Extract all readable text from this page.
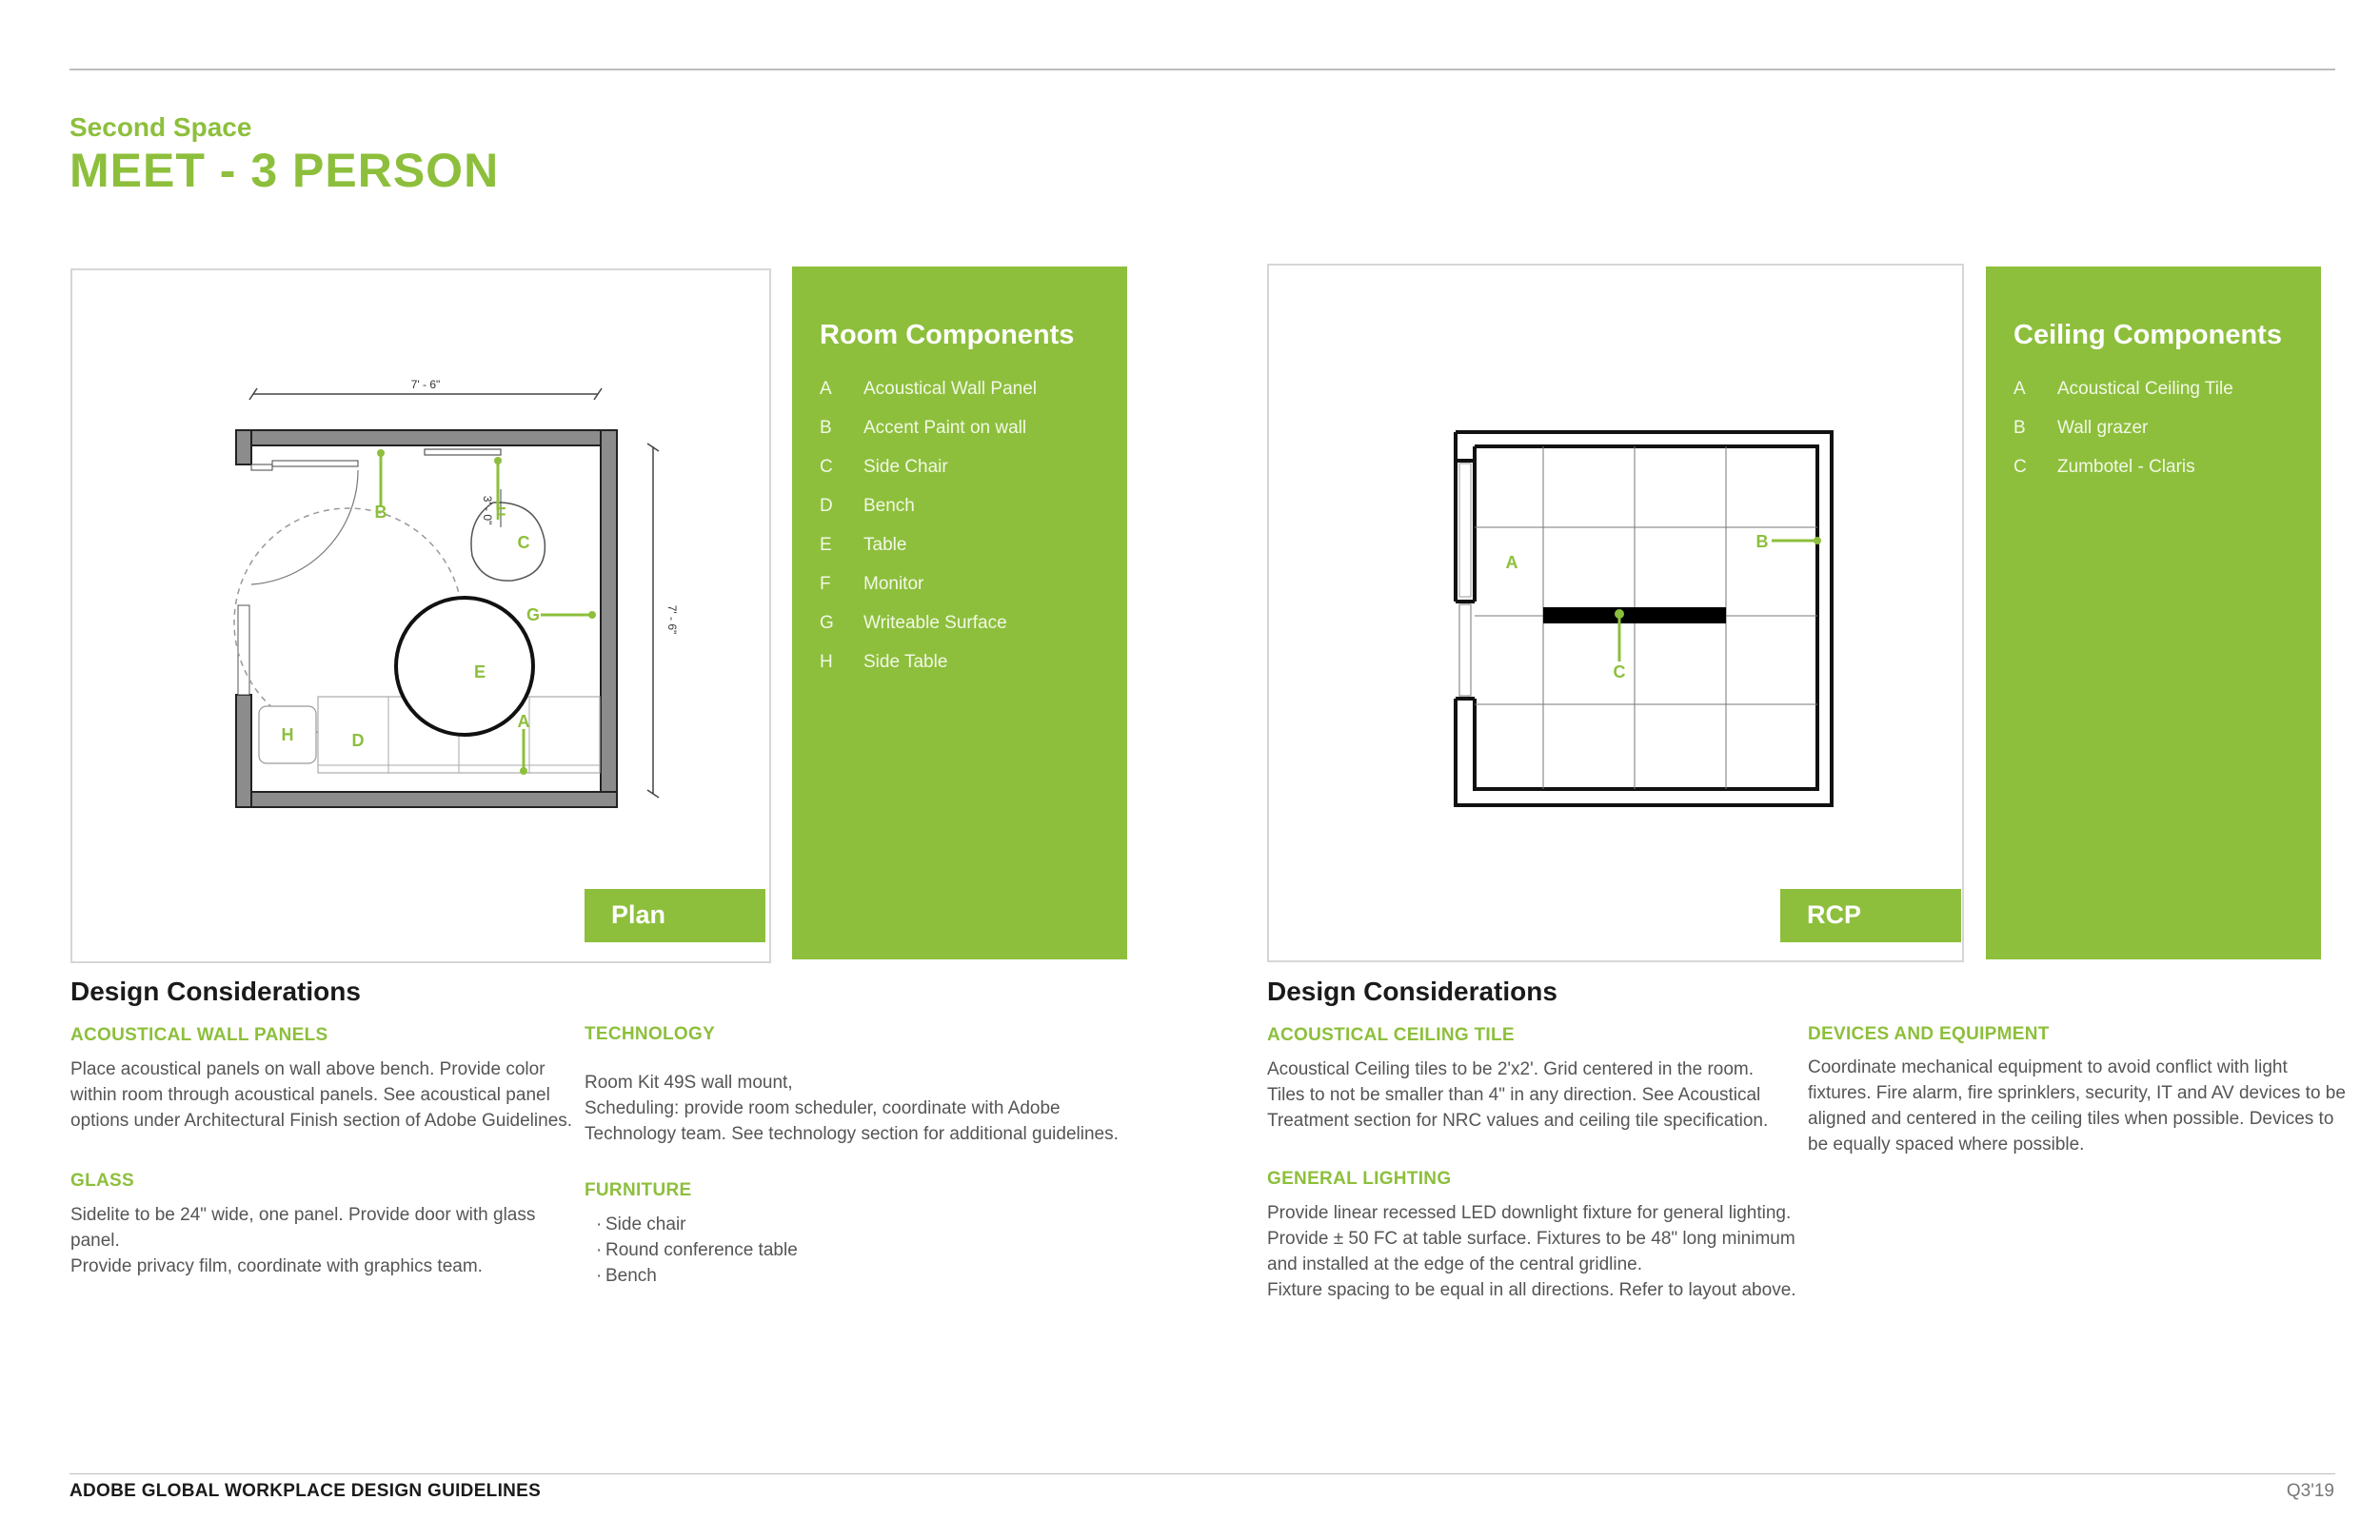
Second Space
MEET - 3 PERSON
7' - 6"
7' - 6"
3' - 0"
B	F
C
G
E
A
H	D
Plan
Room Components
A	Acoustical Wall Panel
B	Accent Paint on wall
C	Side Chair
D	Bench
E	Table
F	Monitor
G	Writeable Surface
H	Side Table
A
B
C
RCP
Ceiling Components
A	Acoustical Ceiling Tile
B	Wall grazer
C	Zumbotel - Claris
Design Considerations
ACOUSTICAL WALL PANELS

Place acoustical panels on wall above bench. Provide color

within room through acoustical panels. See acoustical panel

options under Architectural Finish section of Adobe Guidelines.

GLASS

Sidelite to be 24" wide, one panel. Provide door with glass

panel.

Provide privacy film, coordinate with graphics team.

TECHNOLOGY

Room Kit 49S wall mount,

Scheduling: provide room scheduler, coordinate with Adobe

Technology team. See technology section for additional guidelines.

FURNITURE
· Side chair
· Round conference table
· Bench
Design Considerations
ACOUSTICAL CEILING TILE

Acoustical Ceiling tiles to be 2'x2'. Grid centered in the room.

Tiles to not be smaller than 4" in any direction. See Acoustical

Treatment section for NRC values and ceiling tile specification.

GENERAL LIGHTING

Provide linear recessed LED downlight fixture for general lighting.

Provide ± 50 FC at table surface. Fixtures to be 48" long minimum

and installed at the edge of the central gridline.

Fixture spacing to be equal in all directions. Refer to layout above.

DEVICES AND EQUIPMENT

Coordinate mechanical equipment to avoid conflict with light

fixtures. Fire alarm, fire sprinklers, security, IT and AV devices to be

aligned and centered in the ceiling tiles when possible. Devices to

be equally spaced where possible.

ADOBE GLOBAL WORKPLACE DESIGN GUIDELINES	Q3'19
